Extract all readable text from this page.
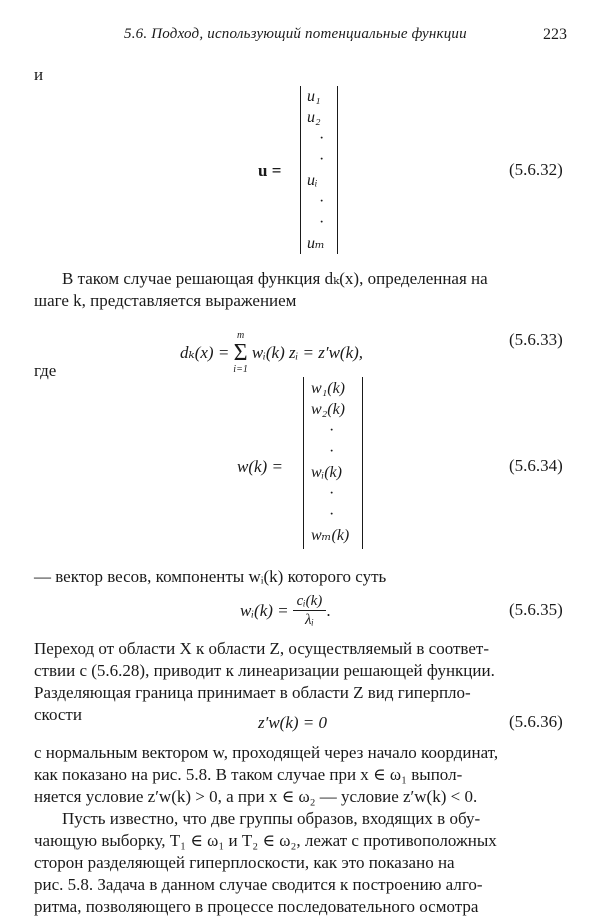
5.6. Подход, использующий потенциальные функции	223
и
u =
u₁
u₂
·
·
uᵢ
·
·
uₘ
(5.6.32)
В таком случае решающая функция dₖ(x), определенная на
шаге k, представляется выражением
dₖ(x) =
m
Σ
i=1
wᵢ(k) zᵢ = z′w(k),
(5.6.33)
где
w(k) =
w₁(k)
w₂(k)
·
·
wᵢ(k)
·
·
wₘ(k)
(5.6.34)
— вектор весов, компоненты wᵢ(k) которого суть
wᵢ(k) = $\frac{\text{cᵢ(k)}}{\text{λᵢ}}$ .	(5.6.35)
Переход от области X к области Z, осуществляемый в соответ-
ствии с (5.6.28), приводит к линеаризации решающей функции.
Разделяющая граница принимает в области Z вид гиперпло-
скости	z′w(k) = 0	(5.6.36)
с нормальным вектором w, проходящей через начало координат,
как показано на рис. 5.8. В таком случае при x ∈ ω₁ выпол-
няется условие z′w(k) > 0, а при x ∈ ω₂ — условие z′w(k) < 0.
Пусть известно, что две группы образов, входящих в обу-
чающую выборку, T₁ ∈ ω₁ и T₂ ∈ ω₂, лежат с противоположных
сторон разделяющей гиперплоскости, как это показано на
рис. 5.8. Задача в данном случае сводится к построению алго-
ритма, позволяющего в процессе последовательного осмотра
